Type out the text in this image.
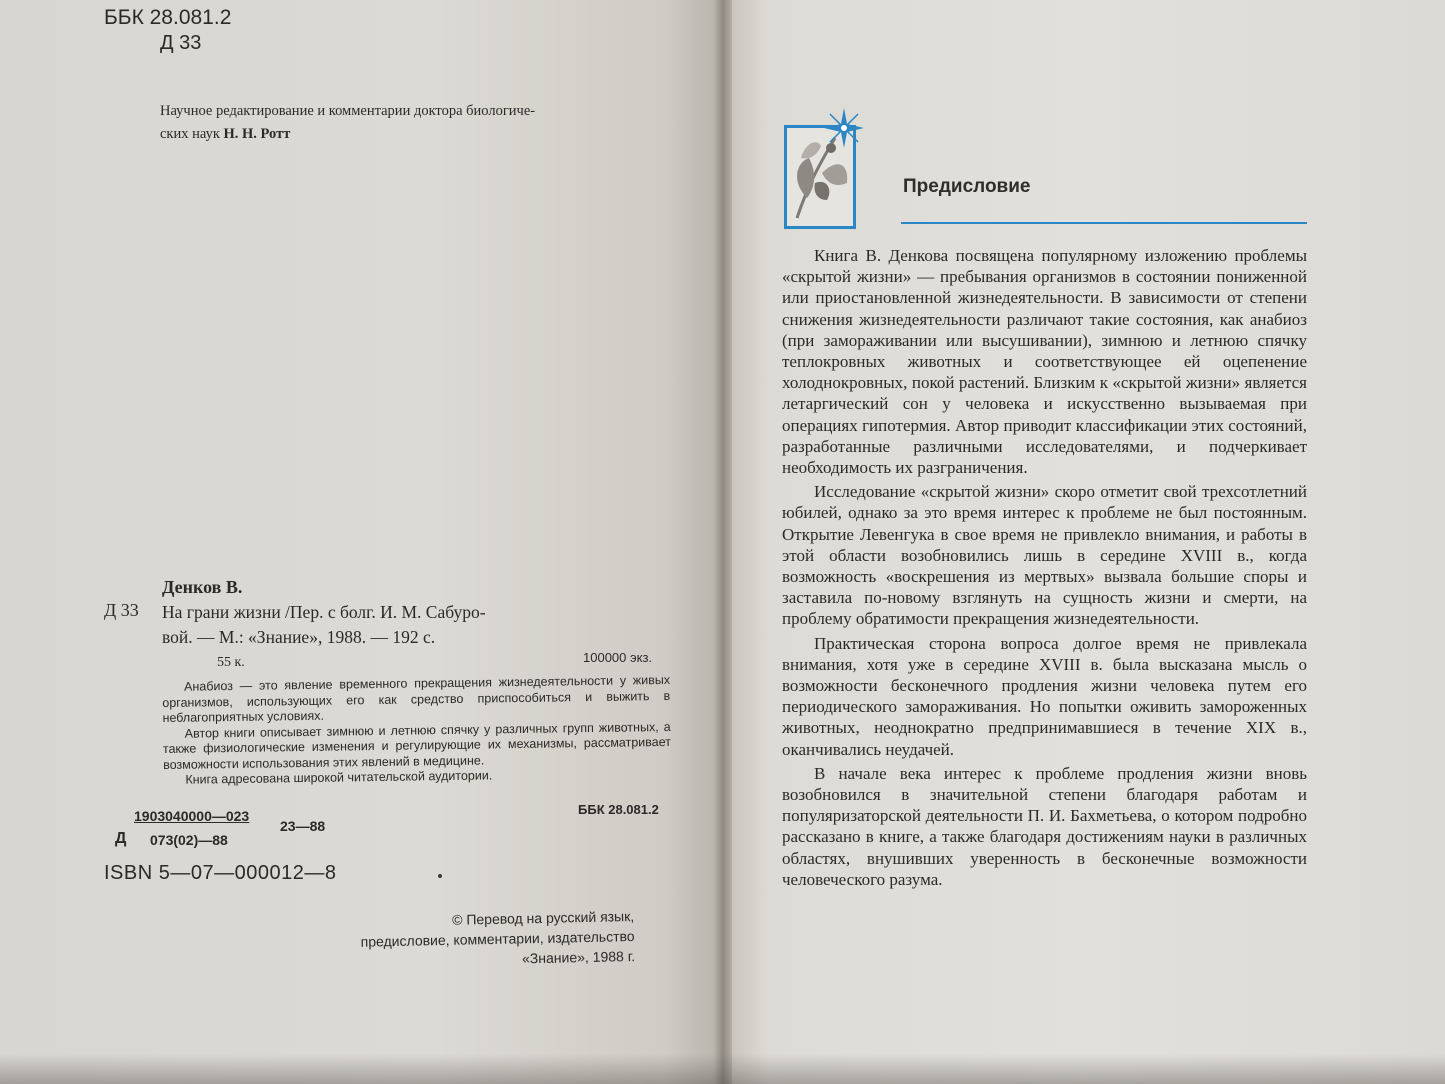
ББК 28.081.2
Д 33
Научное редактирование и комментарии доктора биологиче-
ских наук Н. Н. Ротт
Денков В.
Д 33 На грани жизни /Пер. с болг. И. М. Сабуро-
вой. — М.: «Знание», 1988. — 192 с.
55 к.	100000 экз.

Анабиоз — это явление временного прекращения жизнедеятельности у живых организмов, использующих его как средство приспособиться и выжить в неблагоприятных условиях.

Автор книги описывает зимнюю и летнюю спячку у различных групп животных, а также физиологические изменения и регулирующие их механизмы, рассматривает возможности использования этих явлений в медицине.

Книга адресована широкой читательской аудитории.

ББК 28.081.2
Д
1903040000—023
073(02)—88
23—88
ISBN 5—07—000012—8
© Перевод на русский язык,
предисловие, комментарии, издательство
«Знание», 1988 г.
Предисловие

Книга В. Денкова посвящена популярному изложению проблемы «скрытой жизни» — пребывания организмов в состоянии пониженной или приостановленной жизнедеятельности. В зависимости от степени снижения жизнедеятельности различают такие состояния, как анабиоз (при замораживании или высушивании), зимнюю и летнюю спячку теплокровных животных и соответствующее ей оцепенение холоднокровных, покой растений. Близким к «скрытой жизни» является летаргический сон у человека и искусственно вызываемая при операциях гипотермия. Автор приводит классификации этих состояний, разработанные различными исследователями, и подчеркивает необходимость их разграничения.

Исследование «скрытой жизни» скоро отметит свой трехсотлетний юбилей, однако за это время интерес к проблеме не был постоянным. Открытие Левенгука в свое время не привлекло внимания, и работы в этой области возобновились лишь в середине XVIII в., когда возможность «воскрешения из мертвых» вызвала большие споры и заставила по-новому взглянуть на сущность жизни и смерти, на проблему обратимости прекращения жизнедеятельности.

Практическая сторона вопроса долгое время не привлекала внимания, хотя уже в середине XVIII в. была высказана мысль о возможности бесконечного продления жизни человека путем его периодического замораживания. Но попытки оживить замороженных животных, неоднократно предпринимавшиеся в течение XIX в., оканчивались неудачей.

В начале века интерес к проблеме продления жизни вновь возобновился в значительной степени благодаря работам и популяризаторской деятельности П. И. Бахметьева, о котором подробно рассказано в книге, а также благодаря достижениям науки в различных областях, внушивших уверенность в бесконечные возможности человеческого разума.
